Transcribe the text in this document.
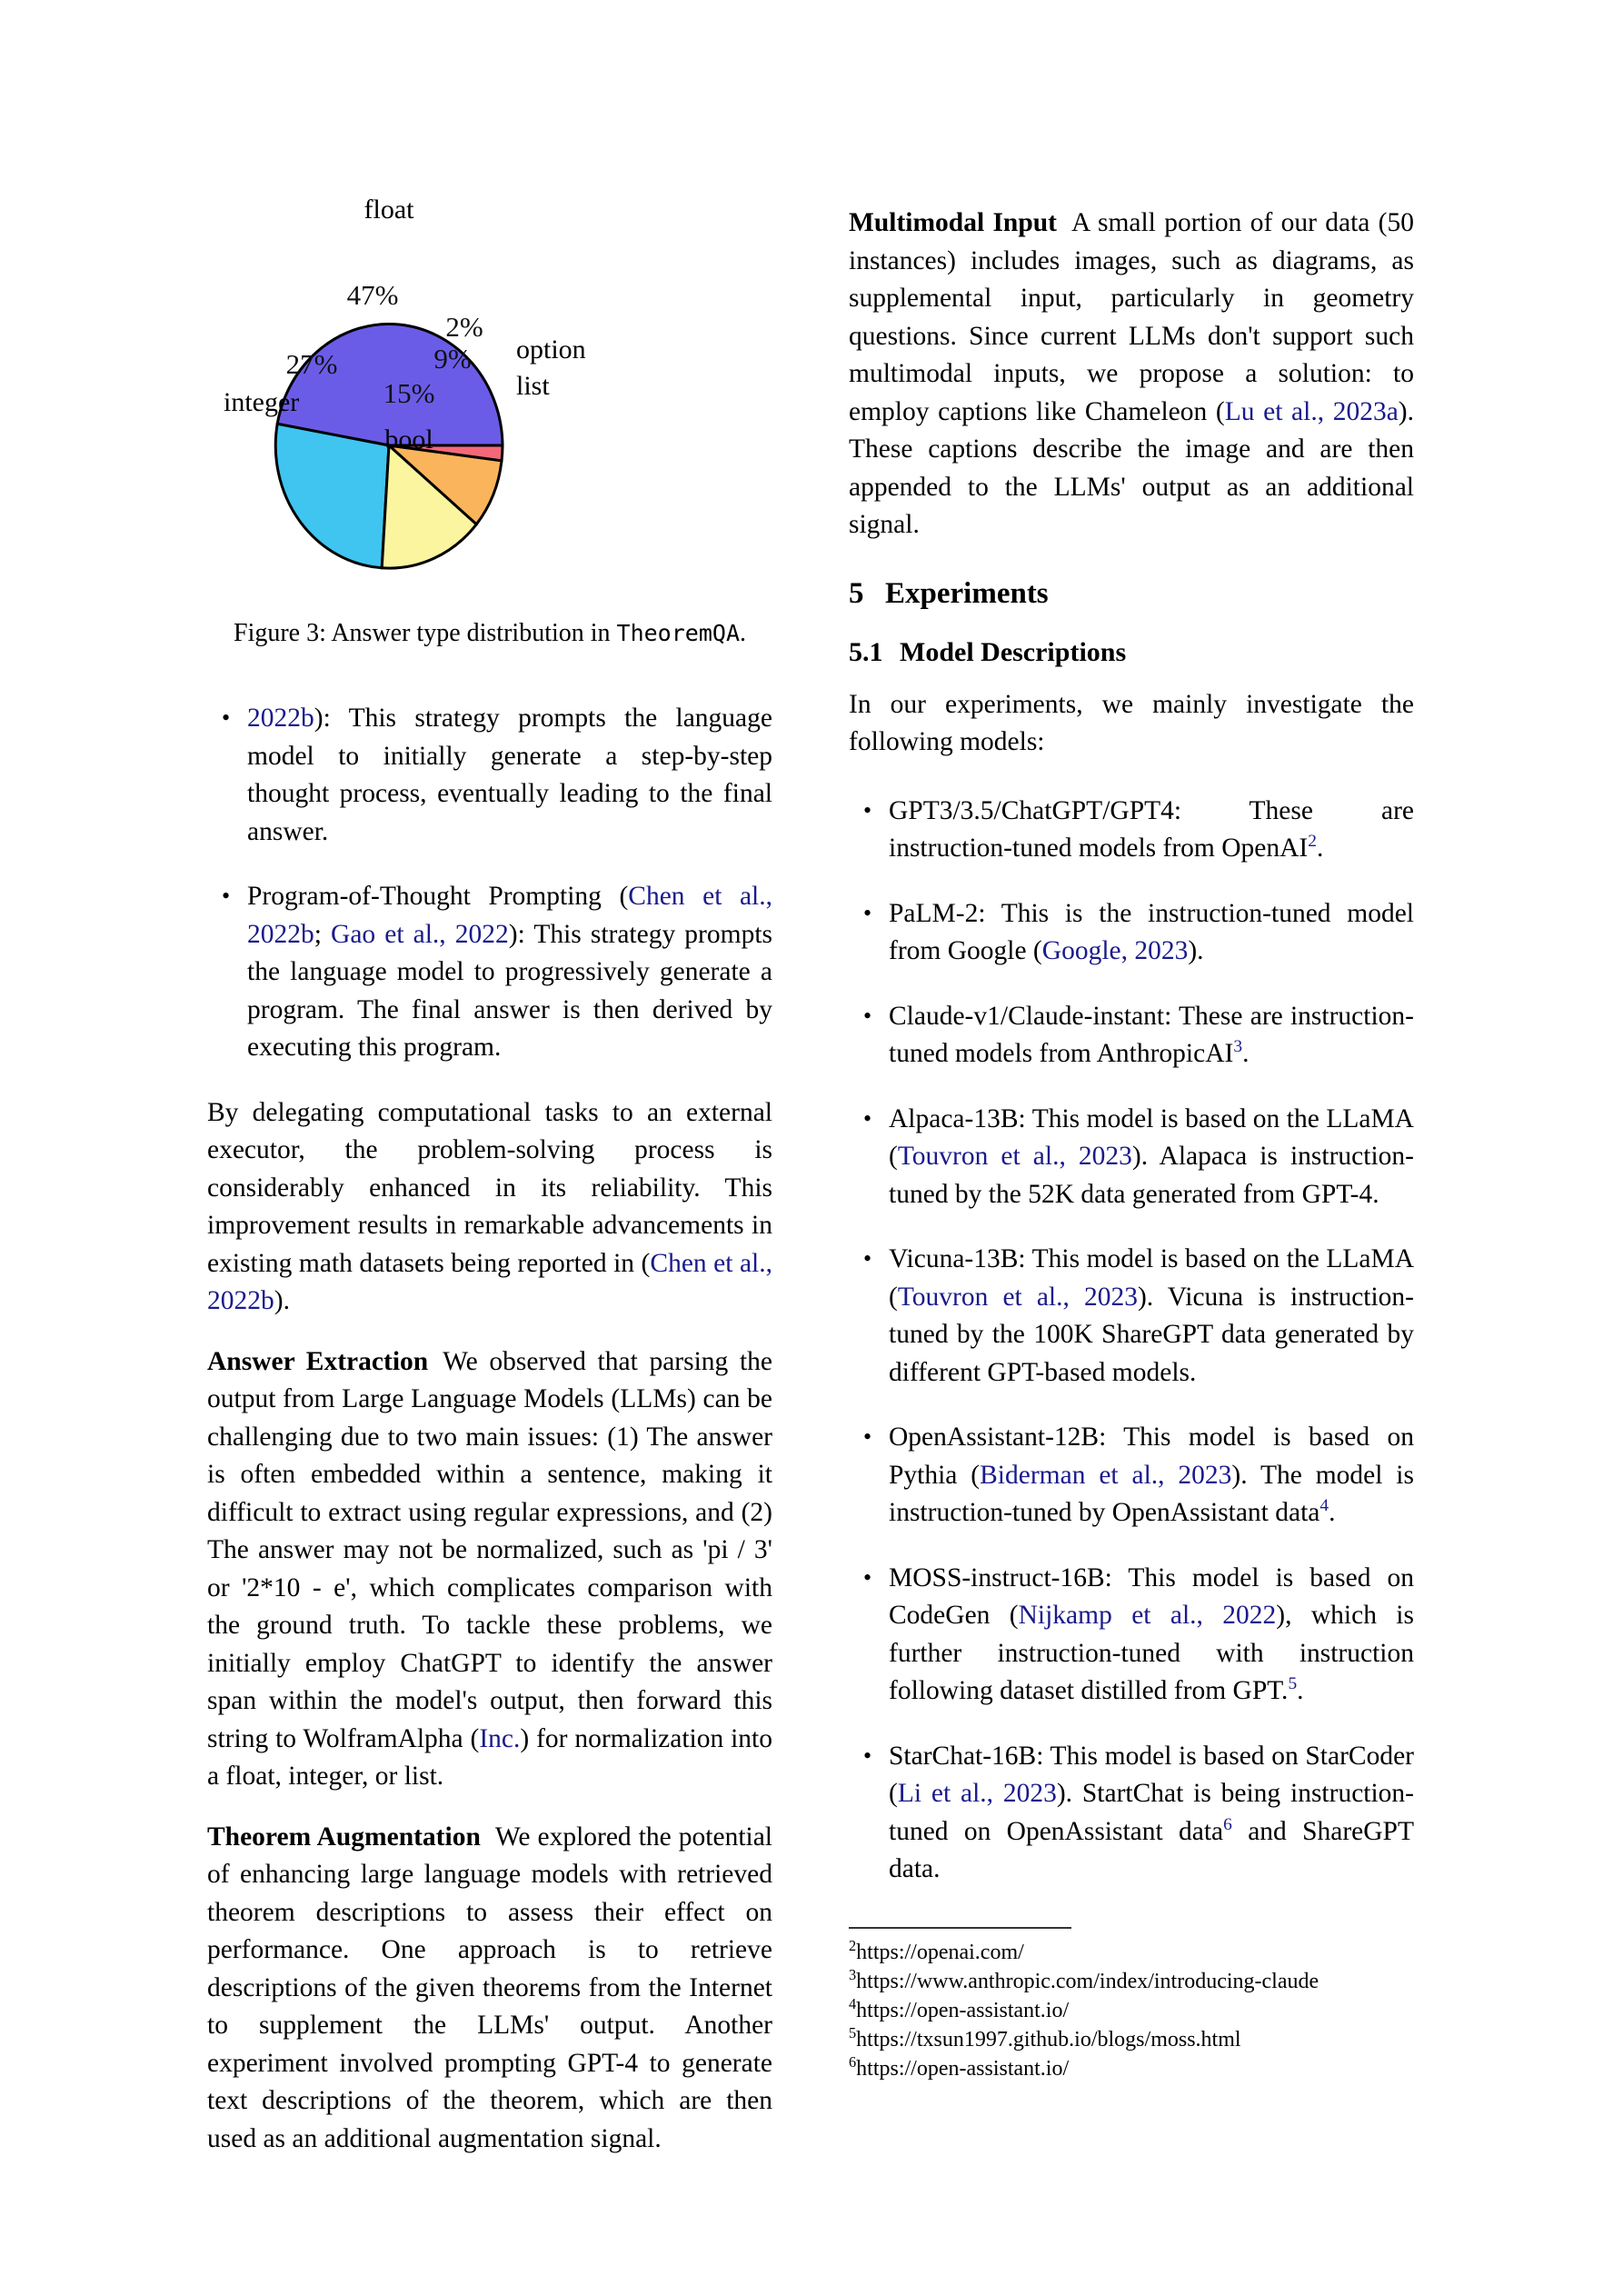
47%
27%
15%
9%
2%
float
integer
bool
list
option
Figure 3: Answer type distribution in TheoremQA.
• 2022b): This strategy prompts the language model to initially generate a step-by-step thought process, eventually leading to the final answer.
• Program-of-Thought Prompting (Chen et al., 2022b; Gao et al., 2022): This strategy prompts the language model to progressively generate a program. The final answer is then derived by executing this program.

By delegating computational tasks to an external executor, the problem-solving process is considerably enhanced in its reliability. This improvement results in remarkable advancements in existing math datasets being reported in (Chen et al., 2022b).

Answer Extraction We observed that parsing the output from Large Language Models (LLMs) can be challenging due to two main issues: (1) The answer is often embedded within a sentence, making it difficult to extract using regular expressions, and (2) The answer may not be normalized, such as 'pi / 3' or '2*10 - e', which complicates comparison with the ground truth. To tackle these problems, we initially employ ChatGPT to identify the answer span within the model's output, then forward this string to WolframAlpha (Inc.) for normalization into a float, integer, or list.

Theorem Augmentation We explored the potential of enhancing large language models with retrieved theorem descriptions to assess their effect on performance. One approach is to retrieve descriptions of the given theorems from the Internet to supplement the LLMs' output. Another experiment involved prompting GPT-4 to generate text descriptions of the theorem, which are then used as an additional augmentation signal.

Multimodal Input A small portion of our data (50 instances) includes images, such as diagrams, as supplemental input, particularly in geometry questions. Since current LLMs don't support such multimodal inputs, we propose a solution: to employ captions like Chameleon (Lu et al., 2023a). These captions describe the image and are then appended to the LLMs' output as an additional signal.

5 Experiments
5.1 Model Descriptions

In our experiments, we mainly investigate the following models:

• GPT3/3.5/ChatGPT/GPT4: These are instruction-tuned models from OpenAI$^2$.
• PaLM-2: This is the instruction-tuned model from Google (Google, 2023).
• Claude-v1/Claude-instant: These are instruction-tuned models from AnthropicAI$^3$.
• Alpaca-13B: This model is based on the LLaMA (Touvron et al., 2023). Alapaca is instruction-tuned by the 52K data generated from GPT-4.
• Vicuna-13B: This model is based on the LLaMA (Touvron et al., 2023). Vicuna is instruction-tuned by the 100K ShareGPT data generated by different GPT-based models.
• OpenAssistant-12B: This model is based on Pythia (Biderman et al., 2023). The model is instruction-tuned by OpenAssistant data$^4$.
• MOSS-instruct-16B: This model is based on CodeGen (Nijkamp et al., 2022), which is further instruction-tuned with instruction following dataset distilled from GPT.$^5$.
• StarChat-16B: This model is based on StarCoder (Li et al., 2023). StartChat is being instruction-tuned on OpenAssistant data$^6$ and ShareGPT data.
$^2$https://openai.com/
$^3$https://www.anthropic.com/index/introducing-claude
$^4$https://open-assistant.io/
$^5$https://txsun1997.github.io/blogs/moss.html
$^6$https://open-assistant.io/
